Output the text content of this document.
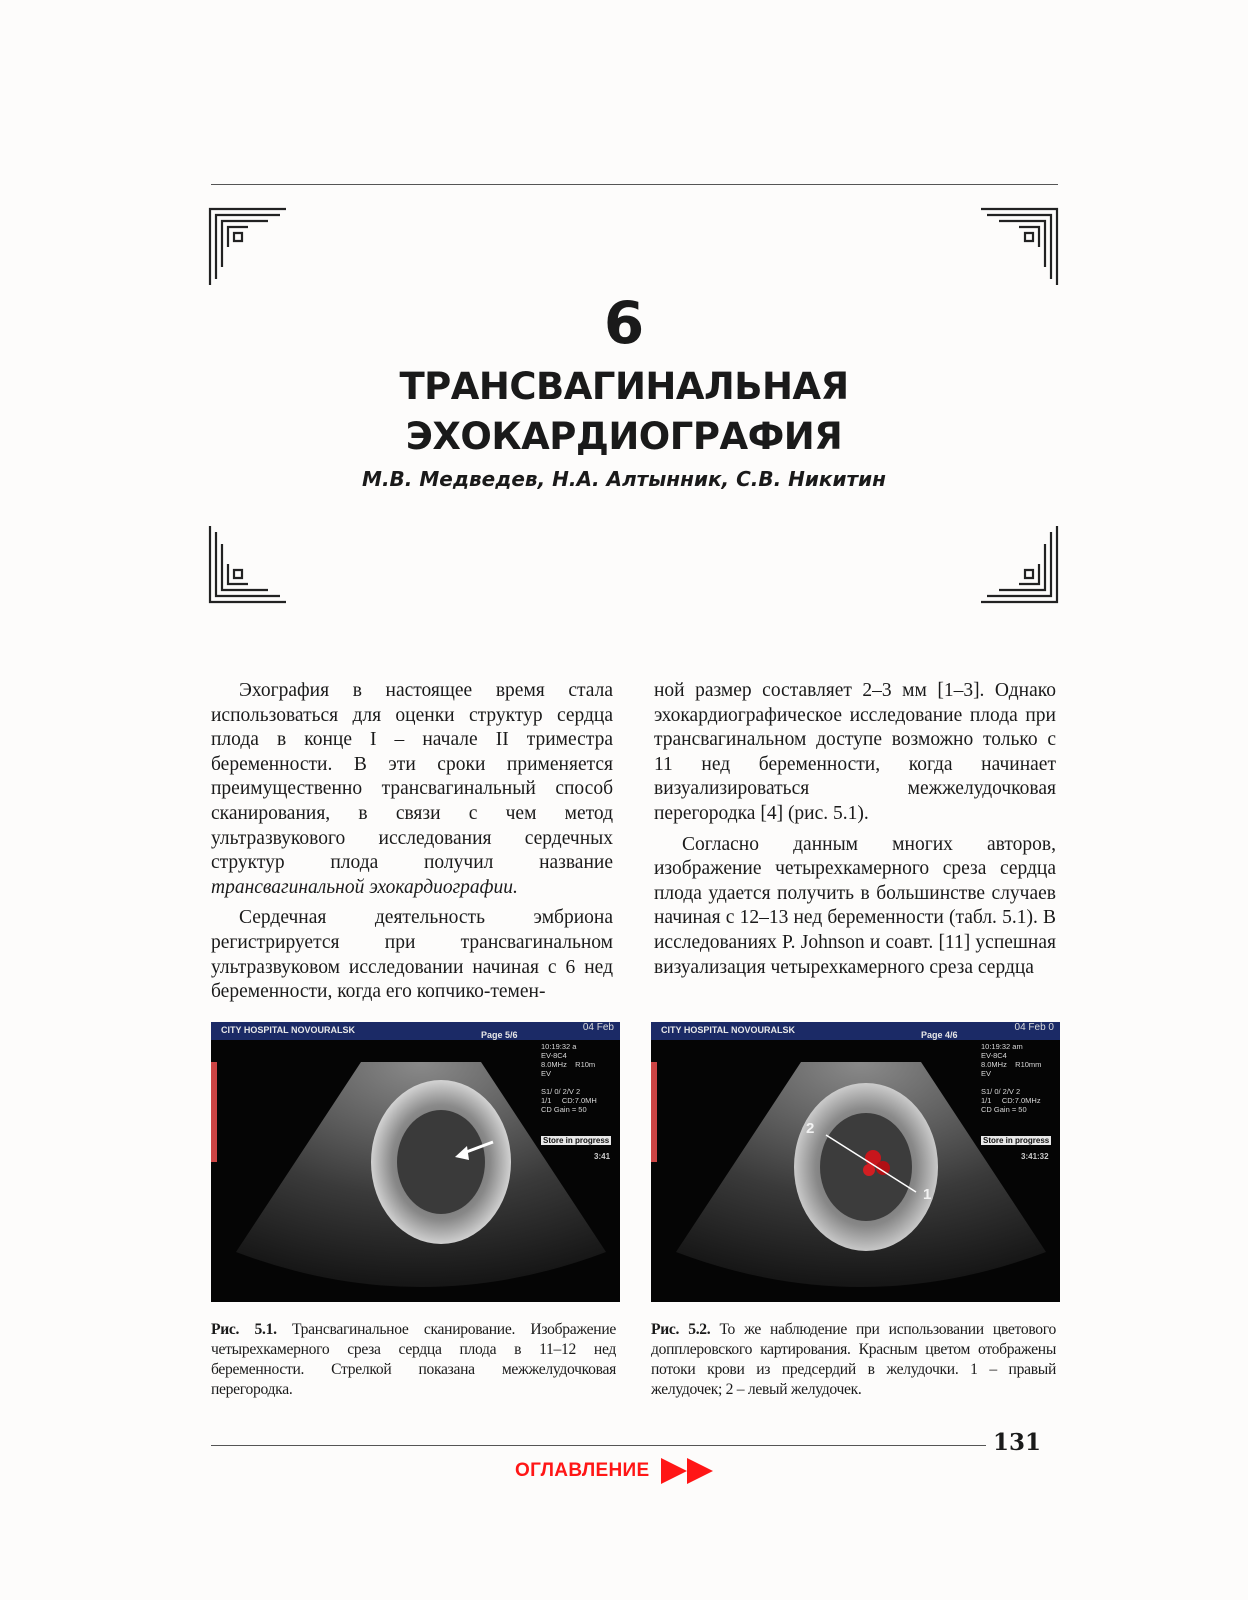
6
ТРАНСВАГИНАЛЬНАЯ
ЭХОКАРДИОГРАФИЯ
М.В. Медведев, Н.А. Алтынник, С.В. Никитин

Эхография в настоящее время стала использоваться для оценки структур сердца плода в конце I – начале II триместра беременности. В эти сроки применяется преимущественно трансвагинальный способ сканирования, в связи с чем метод ультразвукового исследования сердечных структур плода получил название трансвагинальной эхокардиографии.

Сердечная деятельность эмбриона регистрируется при трансвагинальном ультразвуковом исследовании начиная с 6 нед беременности, когда его копчико-темен-

ной размер составляет 2–3 мм [1–3]. Однако эхокардиографическое исследование плода при трансвагинальном доступе возможно только с 11 нед беременности, когда начинает визуализироваться межжелудочковая перегородка [4] (рис. 5.1).

Согласно данным многих авторов, изображение четырехкамерного среза сердца плода удается получить в большинстве случаев начиная с 12–13 нед беременности (табл. 5.1). В исследованиях P. Johnson и соавт. [11] успешная визуализация четырехкамерного среза сердца

CITY HOSPITAL NOVOURALSK	Page 5/6
04 Feb
10:19:32 a
EV-8C4
8.0MHz    R10m
EV

S1/ 0/ 2/V 2
1/1     CD:7.0MH
CD Gain = 50
Store in progress
3:41
CITY HOSPITAL NOVOURALSK	Page 4/6
04 Feb 0
10:19:32 am
EV-8C4
8.0MHz    R10mm
EV

S1/ 0/ 2/V 2
1/1     CD:7.0MHz
CD Gain = 50
Store in progress
3:41:32
2
1
Рис. 5.1. Трансвагинальное сканирование. Изображение четырехкамерного среза сердца плода в 11–12 нед беременности. Стрелкой показана межжелудочковая перегородка.
Рис. 5.2. То же наблюдение при использовании цветового допплеровского картирования. Красным цветом отображены потоки крови из предсердий в желудочки. 1 – правый желудочек; 2 – левый желудочек.
131
ОГЛАВЛЕНИЕ
